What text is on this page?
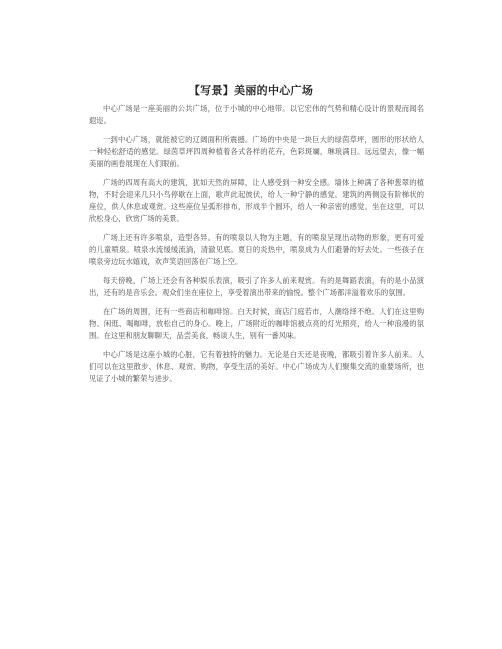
【写景】美丽的中心广场

中心广场是一座美丽的公共广场，位于小城的中心地带。以它宏伟的气势和精心设计的景观而闻名遐迩。

一到中心广场，就能被它的辽阔面积所震撼。广场的中央是一块巨大的绿茵草坪，圆形的形状给人一种轻松舒适的感觉。绿茵草坪四周种植着各式各样的花卉，色彩斑斓，琳琅满目。远远望去，像一幅美丽的画卷展现在人们眼前。

广场的四周有高大的建筑，犹如天然的屏障，让人感受到一种安全感。墙体上种满了各种葱翠的植物，不时会迎来几只小鸟停歇在上面，歌声此起彼伏，给人一种宁静的感觉。建筑的两侧设有阶梯状的座位，供人休息或观赏。这些座位呈弧形排布，形成半个圆环，给人一种亲密的感觉。坐在这里，可以欣松身心，欣赏广场的美景。

广场上还有许多喷泉，造型各异。有的喷泉以人物为主题，有的喷泉呈现出动物的形象，更有可爱的儿童喷泉。喷泉水流缓缓流淌，清澈见底。夏日的炎热中，喷泉成为人们避暑的好去处。一些孩子在喷泉旁边玩水嬉戏，欢声笑语回荡在广场上空。

每天傍晚，广场上还会有各种娱乐表演，吸引了许多人前来观赏。有的是舞蹈表演，有的是小品演出，还有的是音乐会。观众们坐在座位上，享受着演出带来的愉悦。整个广场都洋溢着欢乐的氛围。

在广场的周围，还有一些商店和咖啡馆。白天时候，商店门庭若市，人潮络绎不绝。人们在这里购物、闲逛、喝咖啡，放松自己的身心。晚上，广场附近的咖啡馆被点亮的灯光照亮，给人一种浪漫的氛围。在这里和朋友聊聊天，品尝美食，畅谈人生，别有一番风味。

中心广场是这座小城的心脏，它有着独特的魅力。无论是白天还是夜晚，都吸引着许多人前来。人们可以在这里散步、休息、观赏、购物，享受生活的美好。中心广场成为人们聚集交流的重要场所，也见证了小城的繁荣与进步。
